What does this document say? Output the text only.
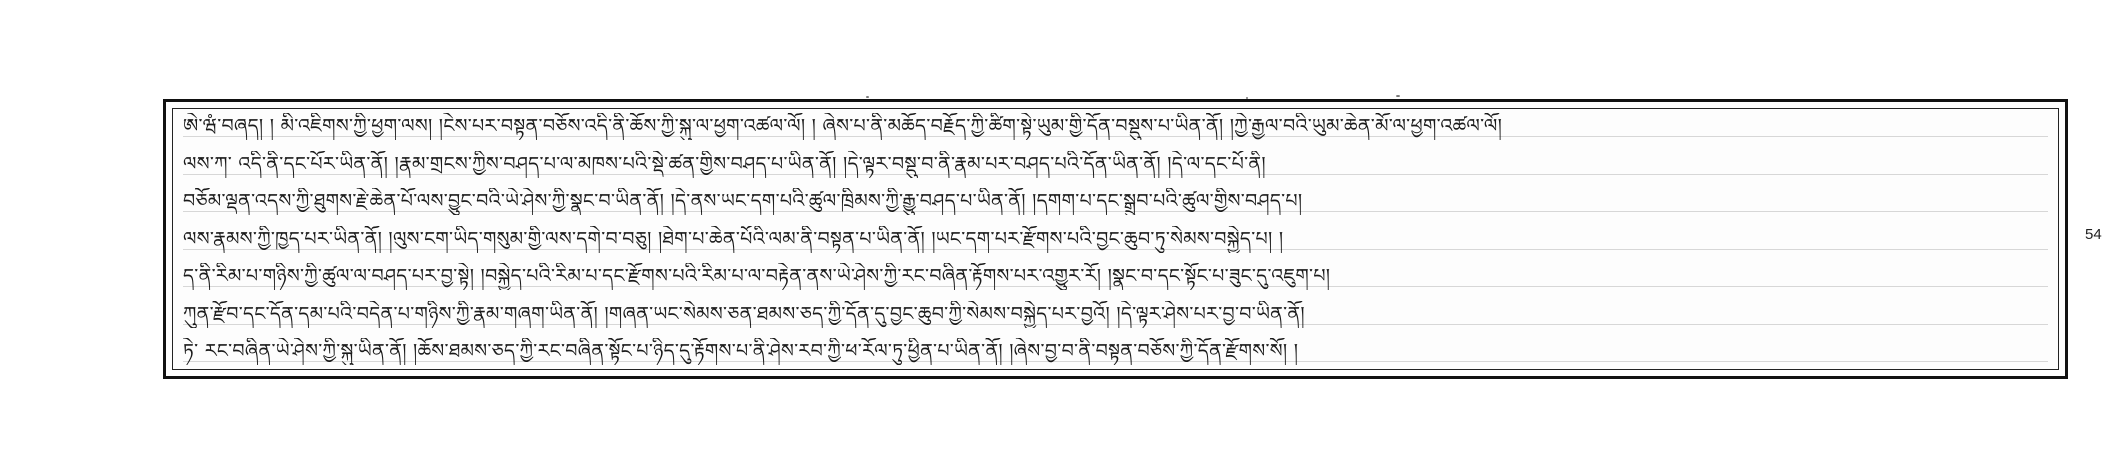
ཨེ་ཝཾ་བཞད། ། མི་འཇིགས་ཀྱི་ཕྱག་ལས། །ངེས་པར་བསྟན་བཅོས་འདི་ནི་ཆོས་ཀྱི་སྐུ་ལ་ཕྱག་འཚལ་ལོ། ། ཞེས་པ་ནི་མཆོད་བརྗོད་ཀྱི་ཚིག་སྟེ་ཡུམ་གྱི་དོན་བསྡུས་པ་ཡིན་ནོ། །ཀྱེ་རྒྱལ་བའི་ཡུམ་ཆེན་མོ་ལ་ཕྱག་འཚལ་ལོ།
ལས་ཀ་ འདི་ནི་དང་པོར་ཡིན་ནོ། །རྣམ་གྲངས་ཀྱིས་བཤད་པ་ལ་མཁས་པའི་སྡེ་ཚན་གྱིས་བཤད་པ་ཡིན་ནོ། །དེ་ལྟར་བསྡུ་བ་ནི་རྣམ་པར་བཤད་པའི་དོན་ཡིན་ནོ། །དེ་ལ་དང་པོ་ནི།
བཅོམ་ལྡན་འདས་ཀྱི་ཐུགས་རྗེ་ཆེན་པོ་ལས་བྱུང་བའི་ཡེ་ཤེས་ཀྱི་སྣང་བ་ཡིན་ནོ། །དེ་ནས་ཡང་དག་པའི་ཚུལ་ཁྲིམས་ཀྱི་རྒྱུ་བཤད་པ་ཡིན་ནོ། །དགག་པ་དང་སྒྲུབ་པའི་ཚུལ་གྱིས་བཤད་པ།
ལས་རྣམས་ཀྱི་ཁྱད་པར་ཡིན་ནོ། །ལུས་ངག་ཡིད་གསུམ་གྱི་ལས་དགེ་བ་བཅུ། །ཐེག་པ་ཆེན་པོའི་ལམ་ནི་བསྟན་པ་ཡིན་ནོ། །ཡང་དག་པར་རྫོགས་པའི་བྱང་ཆུབ་ཏུ་སེམས་བསྐྱེད་པ། །
ད་ནི་རིམ་པ་གཉིས་ཀྱི་ཚུལ་ལ་བཤད་པར་བྱ་སྟེ། །བསྐྱེད་པའི་རིམ་པ་དང་རྫོགས་པའི་རིམ་པ་ལ་བརྟེན་ནས་ཡེ་ཤེས་ཀྱི་རང་བཞིན་རྟོགས་པར་འགྱུར་རོ། །སྣང་བ་དང་སྟོང་པ་ཟུང་དུ་འཇུག་པ།
ཀུན་རྫོབ་དང་དོན་དམ་པའི་བདེན་པ་གཉིས་ཀྱི་རྣམ་གཞག་ཡིན་ནོ། །གཞན་ཡང་སེམས་ཅན་ཐམས་ཅད་ཀྱི་དོན་དུ་བྱང་ཆུབ་ཀྱི་སེམས་བསྐྱེད་པར་བྱའོ། །དེ་ལྟར་ཤེས་པར་བྱ་བ་ཡིན་ནོ།
ཏེ་ རང་བཞིན་ཡེ་ཤེས་ཀྱི་སྐུ་ཡིན་ནོ། །ཆོས་ཐམས་ཅད་ཀྱི་རང་བཞིན་སྟོང་པ་ཉིད་དུ་རྟོགས་པ་ནི་ཤེས་རབ་ཀྱི་ཕ་རོལ་ཏུ་ཕྱིན་པ་ཡིན་ནོ། །ཞེས་བྱ་བ་ནི་བསྟན་བཅོས་ཀྱི་དོན་རྫོགས་སོ། །
54
